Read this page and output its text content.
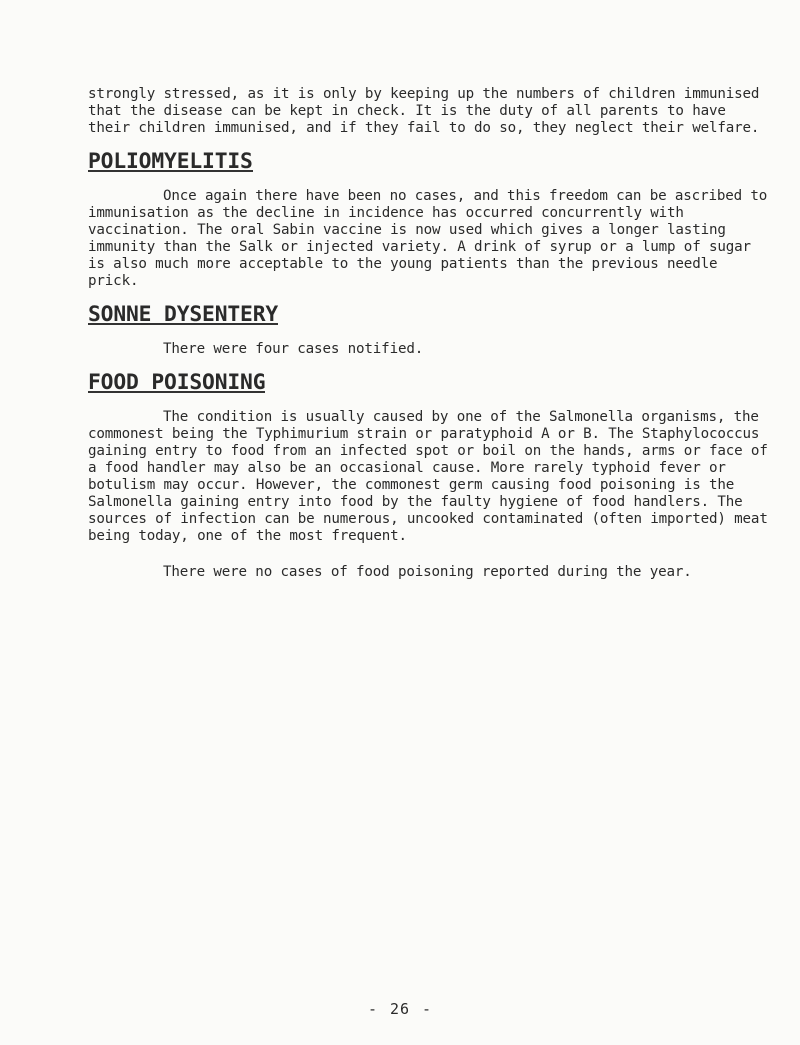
strongly stressed, as it is only by keeping up the numbers of children immunised that the disease can be kept in check. It is the duty of all parents to have their children immunised, and if they fail to do so, they neglect their welfare.

POLIOMYELITIS

Once again there have been no cases, and this freedom can be ascribed to immunisation as the decline in incidence has occurred concurrently with vaccination. The oral Sabin vaccine is now used which gives a longer lasting immunity than the Salk or injected variety. A drink of syrup or a lump of sugar is also much more acceptable to the young patients than the previous needle prick.

SONNE DYSENTERY

There were four cases notified.

FOOD POISONING

The condition is usually caused by one of the Salmonella organisms, the commonest being the Typhimurium strain or paratyphoid A or B. The Staphylococcus gaining entry to food from an infected spot or boil on the hands, arms or face of a food handler may also be an occasional cause. More rarely typhoid fever or botulism may occur. However, the commonest germ causing food poisoning is the Salmonella gaining entry into food by the faulty hygiene of food handlers. The sources of infection can be numerous, uncooked contaminated (often imported) meat being today, one of the most frequent.

There were no cases of food poisoning reported during the year.

- 26 -
